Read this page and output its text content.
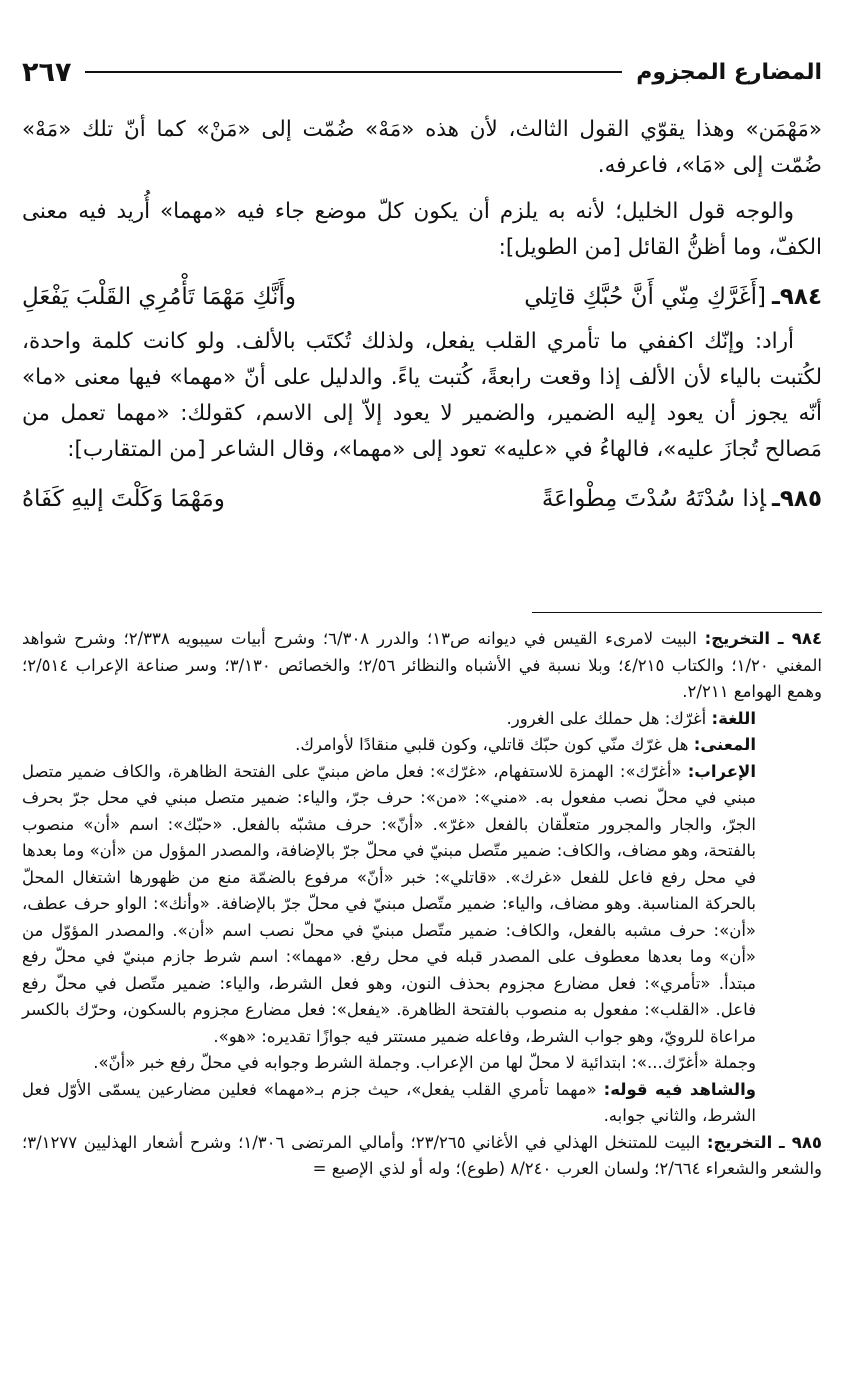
المضارع المجزوم
٢٦٧

«مَهْمَن» وهذا يقوّي القول الثالث، لأن هذه «مَهْ» ضُمّت إلى «مَنْ» كما أنّ تلك «مَهْ» ضُمّت إلى «مَا»، فاعرفه.

والوجه قول الخليل؛ لأنه به يلزم أن يكون كلّ موضع جاء فيه «مهما» أُريد فيه معنى الكفّ، وما أظنُّ القائل [من الطويل]:

٩٨٤ـ[أَغَرَّكِ مِنّي أَنَّ حُبَّكِ قاتِلي
وأَنَّكِ مَهْمَا تَأْمُرِي القَلْبَ يَفْعَلِ

أراد: وإنّك اكففي ما تأمري القلب يفعل، ولذلك تُكتَب بالألف. ولو كانت كلمة واحدة، لكُتبت بالياء لأن الألف إذا وقعت رابعةً، كُتبت ياءً. والدليل على أنّ «مهما» فيها معنى «ما» أنّه يجوز أن يعود إليه الضمير، والضمير لا يعود إلاّ إلى الاسم، كقولك: «مهما تعمل من مَصالح تُجازَ عليه»، فالهاءُ في «عليه» تعود إلى «مهما»، وقال الشاعر [من المتقارب]:

٩٨٥ـإذا سُدْتَهُ سُدْتَ مِطْواعَةً
ومَهْمَا وَكَلْتَ إليهِ كَفَاهُ

٩٨٤ ـ التخريج: البيت لامرىء القيس في ديوانه ص١٣؛ والدرر ٦/٣٠٨؛ وشرح أبيات سيبويه ٢/٣٣٨؛ وشرح شواهد المغني ١/٢٠؛ والكتاب ٤/٢١٥؛ وبلا نسبة في الأشباه والنظائر ٢/٥٦؛ والخصائص ٣/١٣٠؛ وسر صناعة الإعراب ٢/٥١٤؛ وهمع الهوامع ٢/٢١١.

اللغة: أغرّك: هل حملك على الغرور.

المعنى: هل غرّك منّي كون حبّك قاتلي، وكون قلبي منقادًا لأوامرك.

الإعراب: «أغرّك»: الهمزة للاستفهام، «غرّك»: فعل ماض مبنيّ على الفتحة الظاهرة، والكاف ضمير متصل مبني في محلّ نصب مفعول به. «مني»: «من»: حرف جرّ، والياء: ضمير متصل مبني في محل جرّ بحرف الجرّ، والجار والمجرور متعلّقان بالفعل «غرّ». «أنّ»: حرف مشبّه بالفعل. «حبّك»: اسم «أن» منصوب بالفتحة، وهو مضاف، والكاف: ضمير متّصل مبنيّ في محلّ جرّ بالإضافة، والمصدر المؤول من «أن» وما بعدها في محل رفع فاعل للفعل «غرك». «قاتلي»: خبر «أنّ» مرفوع بالضمّة منع من ظهورها اشتغال المحلّ بالحركة المناسبة. وهو مضاف، والياء: ضمير متّصل مبنيّ في محلّ جرّ بالإضافة. «وأنك»: الواو حرف عطف، «أن»: حرف مشبه بالفعل، والكاف: ضمير متّصل مبنيّ في محلّ نصب اسم «أن». والمصدر المؤوّل من «أن» وما بعدها معطوف على المصدر قبله في محل رفع. «مهما»: اسم شرط جازم مبنيّ في محلّ رفع مبتدأ. «تأمري»: فعل مضارع مجزوم بحذف النون، وهو فعل الشرط، والياء: ضمير متّصل في محلّ رفع فاعل. «القلب»: مفعول به منصوب بالفتحة الظاهرة. «يفعل»: فعل مضارع مجزوم بالسكون، وحرّك بالكسر مراعاة للرويّ، وهو جواب الشرط، وفاعله ضمير مستتر فيه جوازًا تقديره: «هو».

وجملة «أغرّك...»: ابتدائية لا محلّ لها من الإعراب. وجملة الشرط وجوابه في محلّ رفع خبر «أنّ».

والشاهد فيه قوله: «مهما تأمري القلب يفعل»، حيث جزم بـ«مهما» فعلين مضارعين يسمّى الأوّل فعل الشرط، والثاني جوابه.

٩٨٥ ـ التخريج: البيت للمتنخل الهذلي في الأغاني ٢٣/٢٦٥؛ وأمالي المرتضى ١/٣٠٦؛ وشرح أشعار الهذليين ٣/١٢٧٧؛ والشعر والشعراء ٢/٦٦٤؛ ولسان العرب ٨/٢٤٠ (طوع)؛ وله أو لذي الإصبع =
